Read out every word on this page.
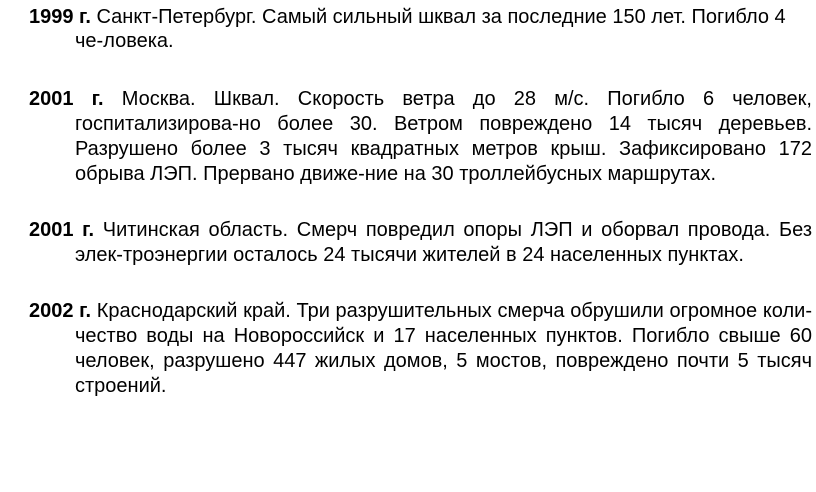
1999 г. Санкт-Петербург. Самый сильный шквал за последние 150 лет. Погибло 4
че-ловека.
2001 г. Москва. Шквал. Скорость ветра до 28 м/с. Погибло 6 человек,
госпитализирова-но более 30. Ветром повреждено 14 тысяч деревьев.
Разрушено более 3 тысяч квадратных метров крыш. Зафиксировано 172
обрыва ЛЭП. Прервано движе-ние на 30 троллейбусных маршрутах.
2001 г. Читинская область. Смерч повредил опоры ЛЭП и оборвал провода. Без
элек-троэнергии осталось 24 тысячи жителей в 24 населенных пунктах.
2002 г. Краснодарский край. Три разрушительных смерча обрушили огромное коли-
чество воды на Новороссийск и 17 населенных пунктов. Погибло свыше 60
человек, разрушено 447 жилых домов, 5 мостов, повреждено почти 5 тысяч
строений.
